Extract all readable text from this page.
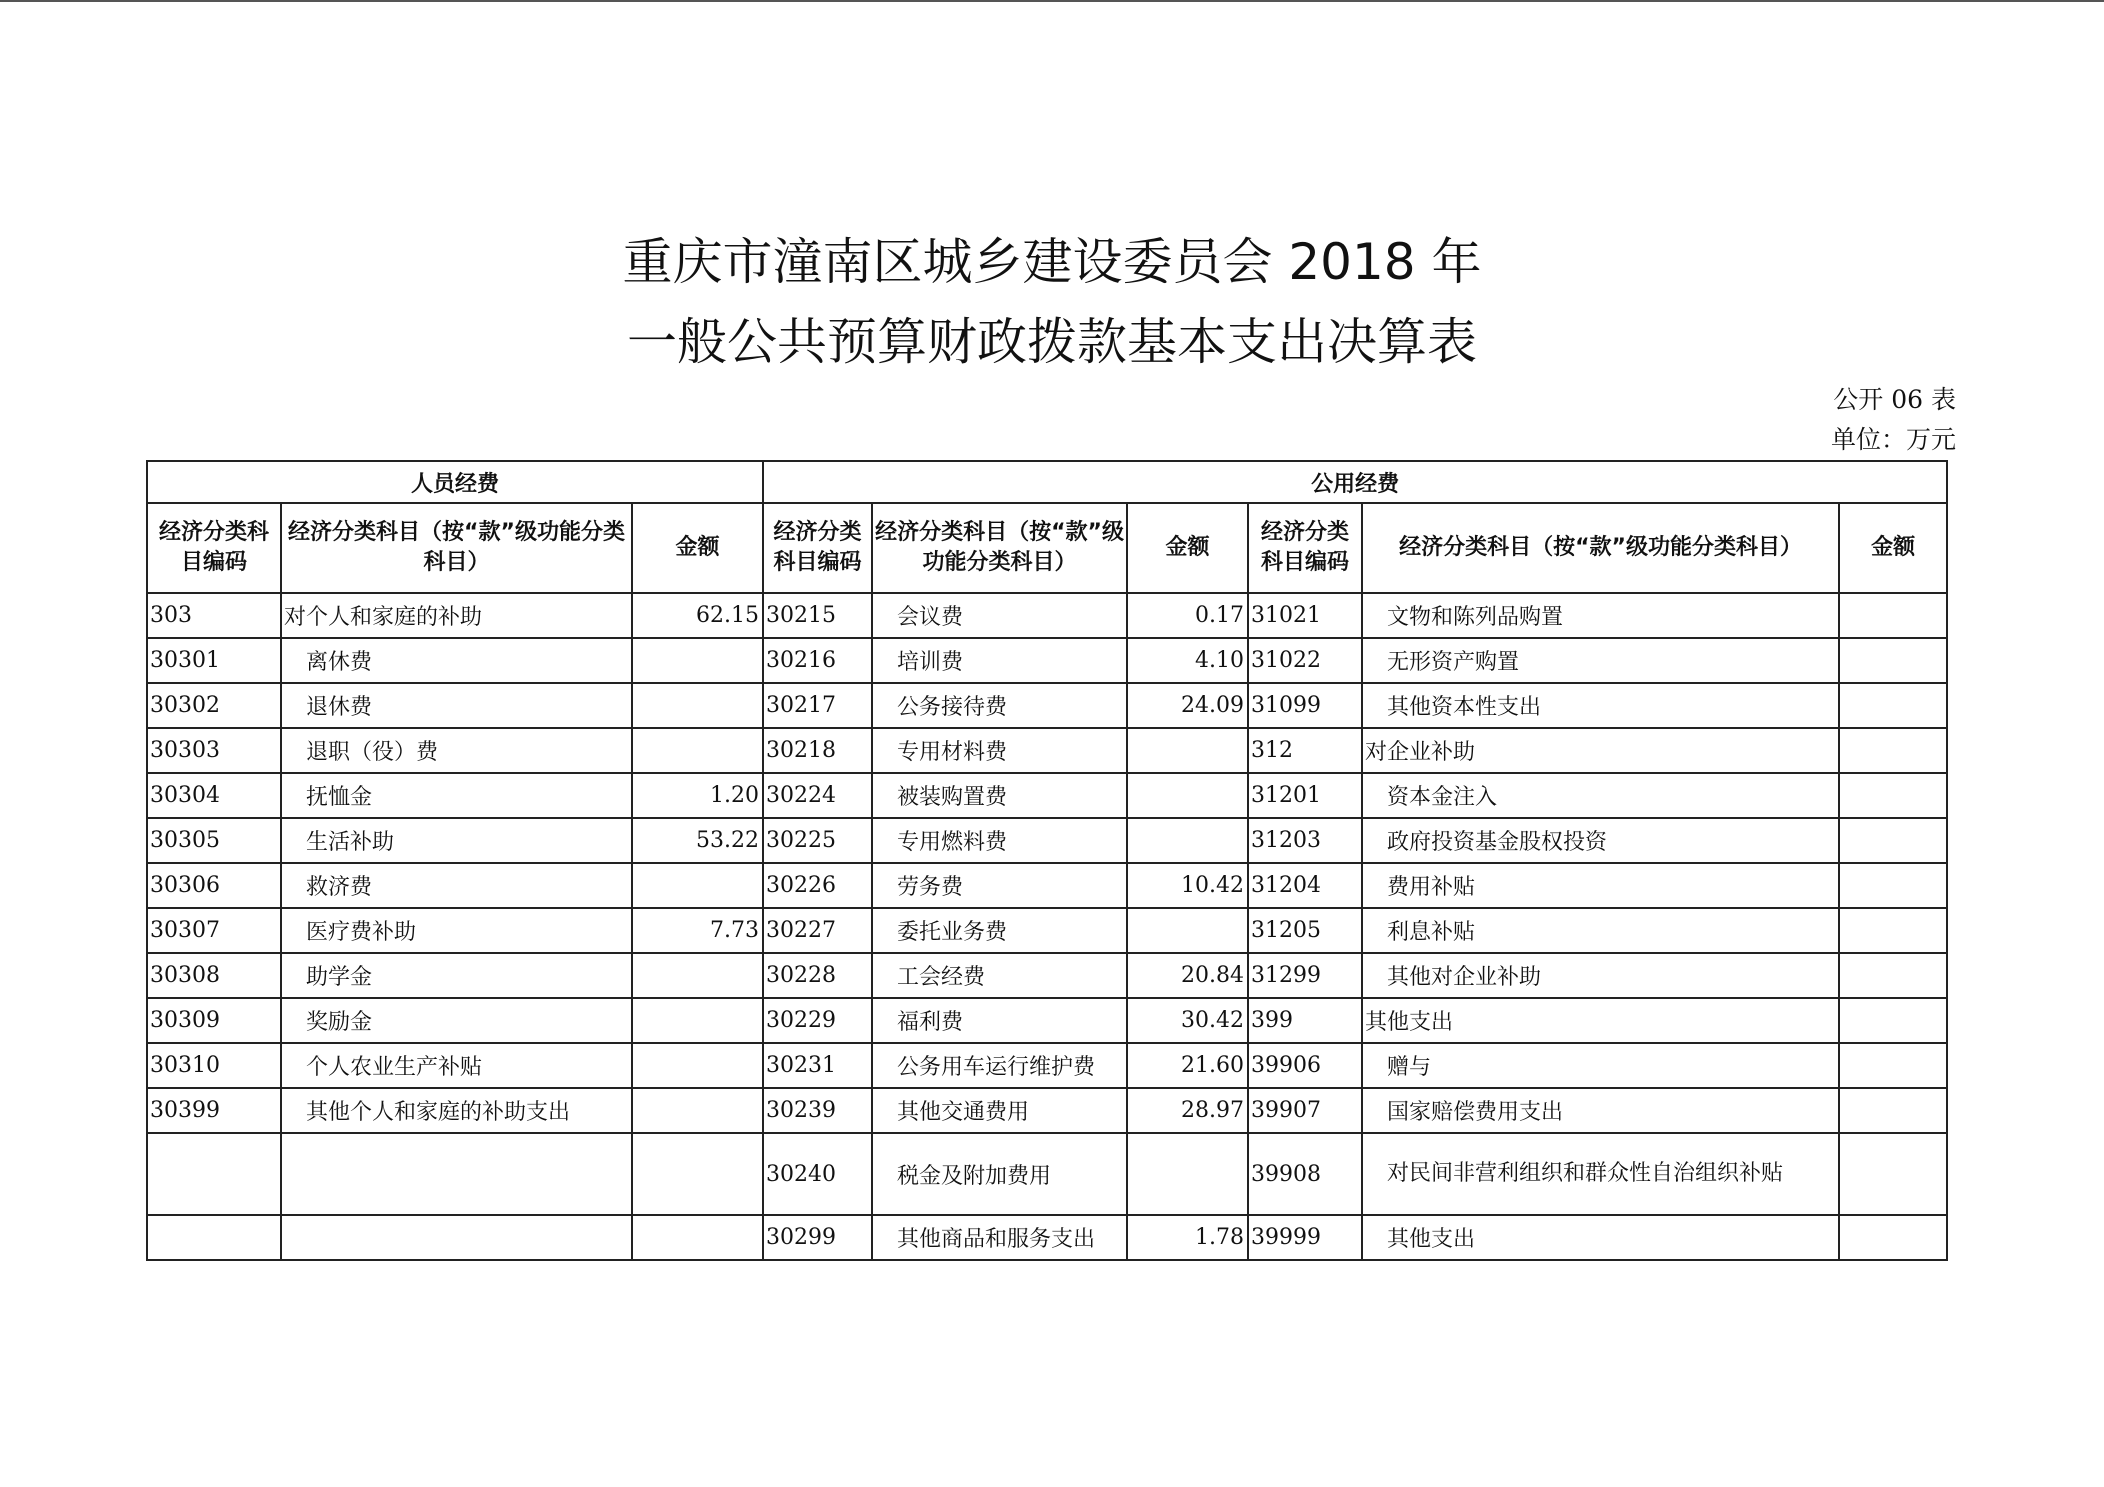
重庆市潼南区城乡建设委员会 2018 年
一般公共预算财政拨款基本支出决算表
公开 06 表
单位：万元
人员经费			公用经费					
经济分类科目编码	经济分类科目（按“款”级功能分类科目）	金额	经济分类科目编码	经济分类科目（按“款”级功能分类科目）	金额	经济分类科目编码	经济分类科目（按“款”级功能分类科目）	金额
303	对个人和家庭的补助	62.15	30215	会议费	0.17	31021	文物和陈列品购置	
30301	离休费		30216	培训费	4.10	31022	无形资产购置	
30302	退休费		30217	公务接待费	24.09	31099	其他资本性支出	
30303	退职（役）费		30218	专用材料费		312	对企业补助	
30304	抚恤金	1.20	30224	被装购置费		31201	资本金注入	
30305	生活补助	53.22	30225	专用燃料费		31203	政府投资基金股权投资	
30306	救济费		30226	劳务费	10.42	31204	费用补贴	
30307	医疗费补助	7.73	30227	委托业务费		31205	利息补贴	
30308	助学金		30228	工会经费	20.84	31299	其他对企业补助	
30309	奖励金		30229	福利费	30.42	399	其他支出	
30310	个人农业生产补贴		30231	公务用车运行维护费	21.60	39906	赠与	
30399	其他个人和家庭的补助支出		30239	其他交通费用	28.97	39907	国家赔偿费用支出	
			30240	税金及附加费用		39908	对民间非营利组织和群众性自治组织补贴	
			30299	其他商品和服务支出	1.78	39999	其他支出	
